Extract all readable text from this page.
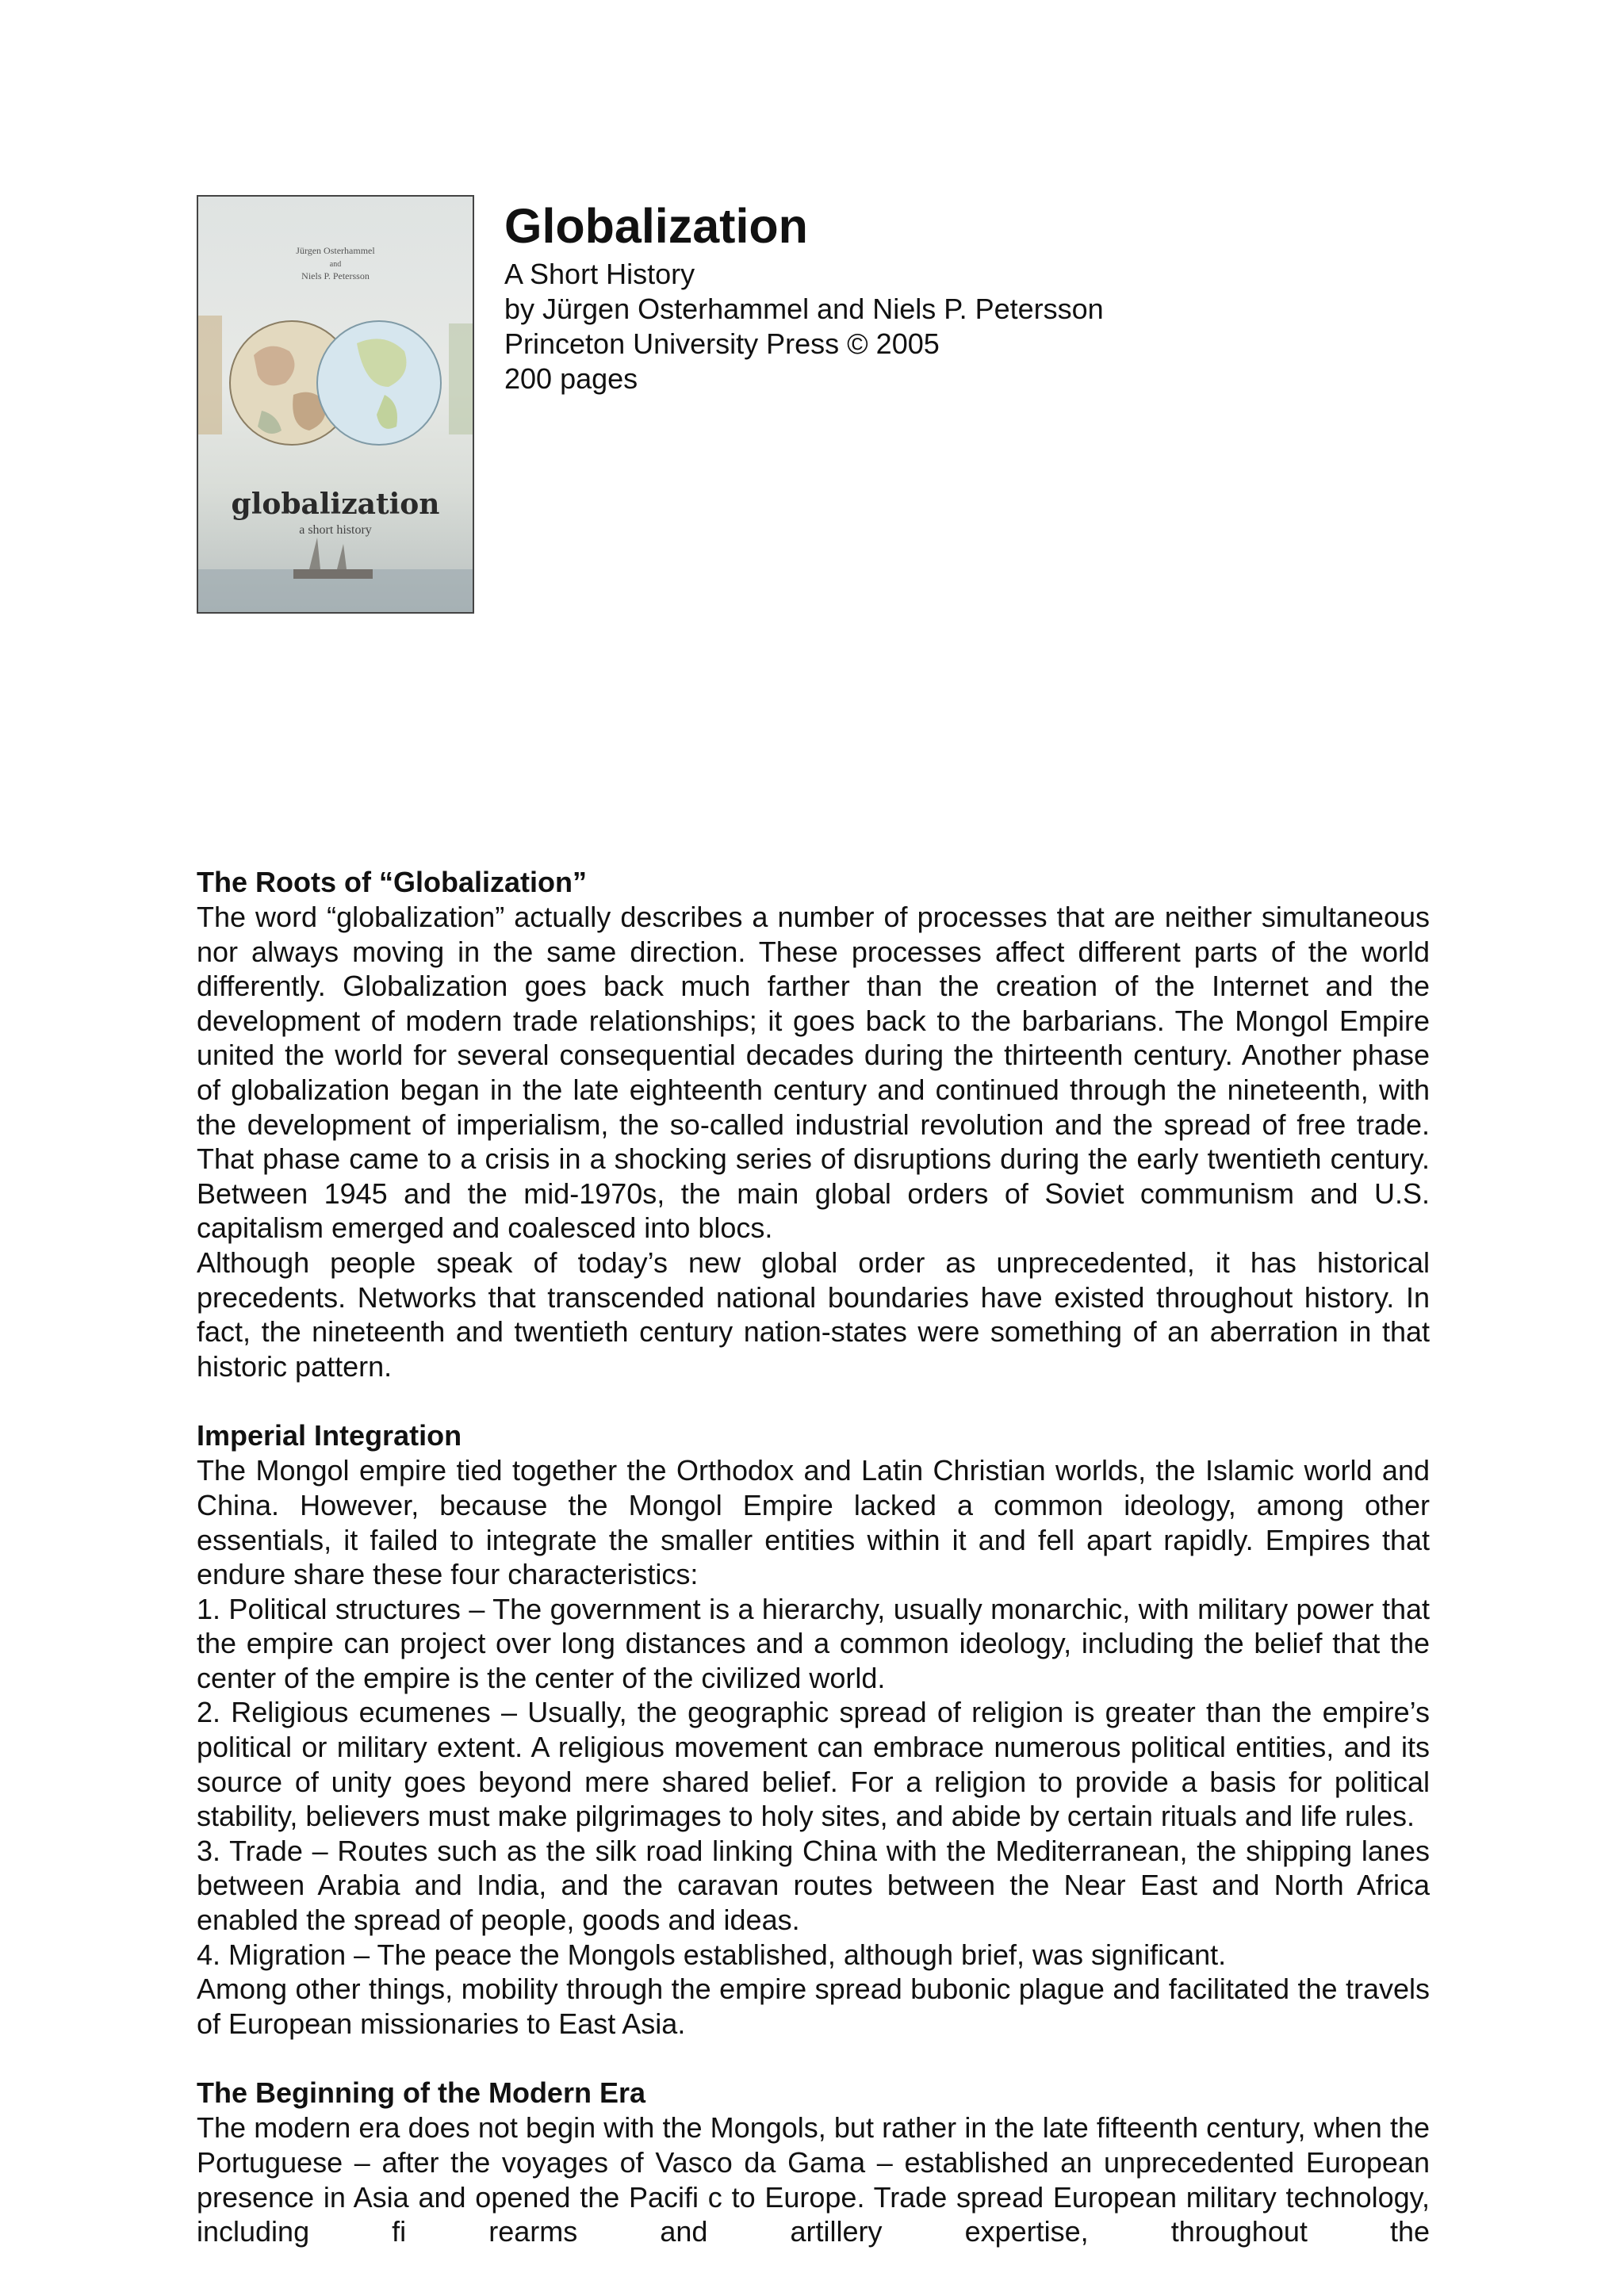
Jürgen Osterhammel
and
Niels P. Petersson
globalization
a short history
Globalization

A Short History

by Jürgen Osterhammel and Niels P. Petersson

Princeton University Press © 2005

200 pages

The Roots of “Globalization”

The word “globalization” actually describes a number of processes that are neither simultaneous nor always moving in the same direction. These processes affect different parts of the world differently. Globalization goes back much farther than the creation of the Internet and the development of modern trade relationships; it goes back to the barbarians. The Mongol Empire united the world for several consequential decades during the thirteenth century. Another phase of globalization began in the late eighteenth century and continued through the nineteenth, with the development of imperialism, the so-called industrial revolution and the spread of free trade. That phase came to a crisis in a shocking series of disruptions during the early twentieth century. Between 1945 and the mid-1970s, the main global orders of Soviet communism and U.S. capitalism emerged and coalesced into blocs.

Although people speak of today’s new global order as unprecedented, it has historical precedents. Networks that transcended national boundaries have existed throughout history. In fact, the nineteenth and twentieth century nation-states were something of an aberration in that historic pattern.

Imperial Integration

The Mongol empire tied together the Orthodox and Latin Christian worlds, the Islamic world and China. However, because the Mongol Empire lacked a common ideology, among other essentials, it failed to integrate the smaller entities within it and fell apart rapidly. Empires that endure share these four characteristics:

1. Political structures – The government is a hierarchy, usually monarchic, with military power that the empire can project over long distances and a common ideology, including the belief that the center of the empire is the center of the civilized world.

2. Religious ecumenes – Usually, the geographic spread of religion is greater than the empire’s political or military extent. A religious movement can embrace numerous political entities, and its source of unity goes beyond mere shared belief. For a religion to provide a basis for political stability, believers must make pilgrimages to holy sites, and abide by certain rituals and life rules.

3. Trade – Routes such as the silk road linking China with the Mediterranean, the shipping lanes between Arabia and India, and the caravan routes between the Near East and North Africa enabled the spread of people, goods and ideas.

4. Migration – The peace the Mongols established, although brief, was significant.

Among other things, mobility through the empire spread bubonic plague and facilitated the travels of European missionaries to East Asia.

The Beginning of the Modern Era

The modern era does not begin with the Mongols, but rather in the late fifteenth century, when the Portuguese – after the voyages of Vasco da Gama – established an unprecedented European presence in Asia and opened the Pacifi c to Europe. Trade spread European military technology, including fi rearms and artillery expertise, throughout the
